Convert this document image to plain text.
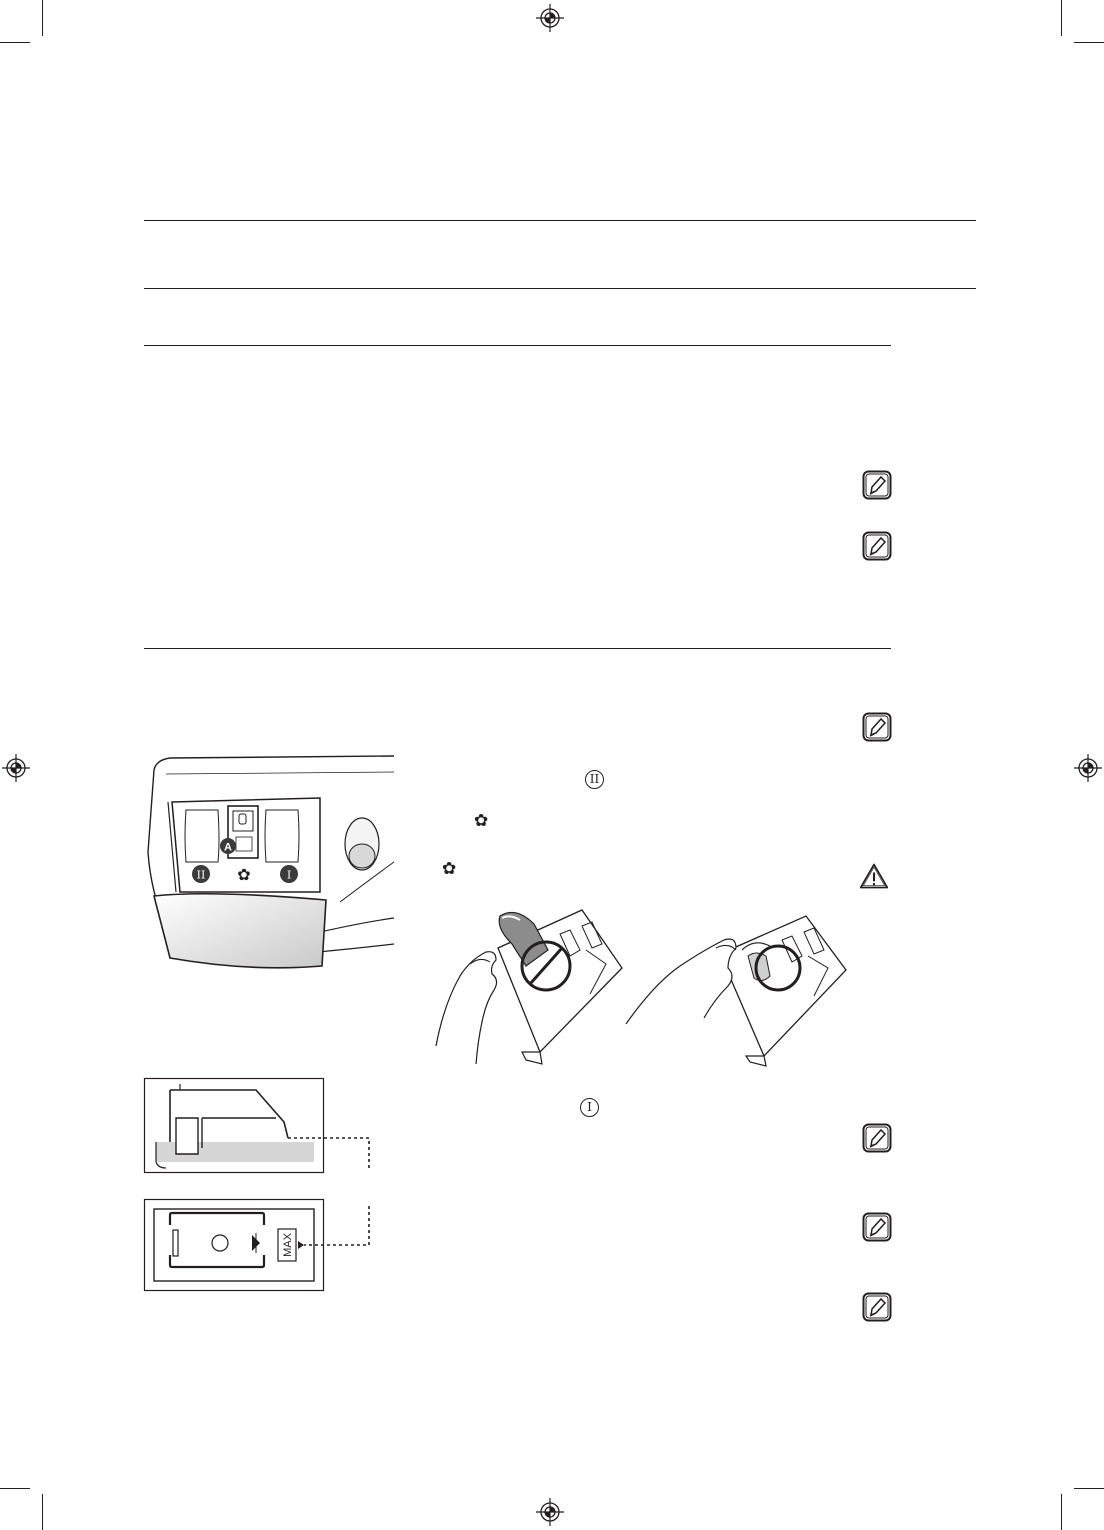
II
✿
✿
I
A
II ✿	I
MAX
